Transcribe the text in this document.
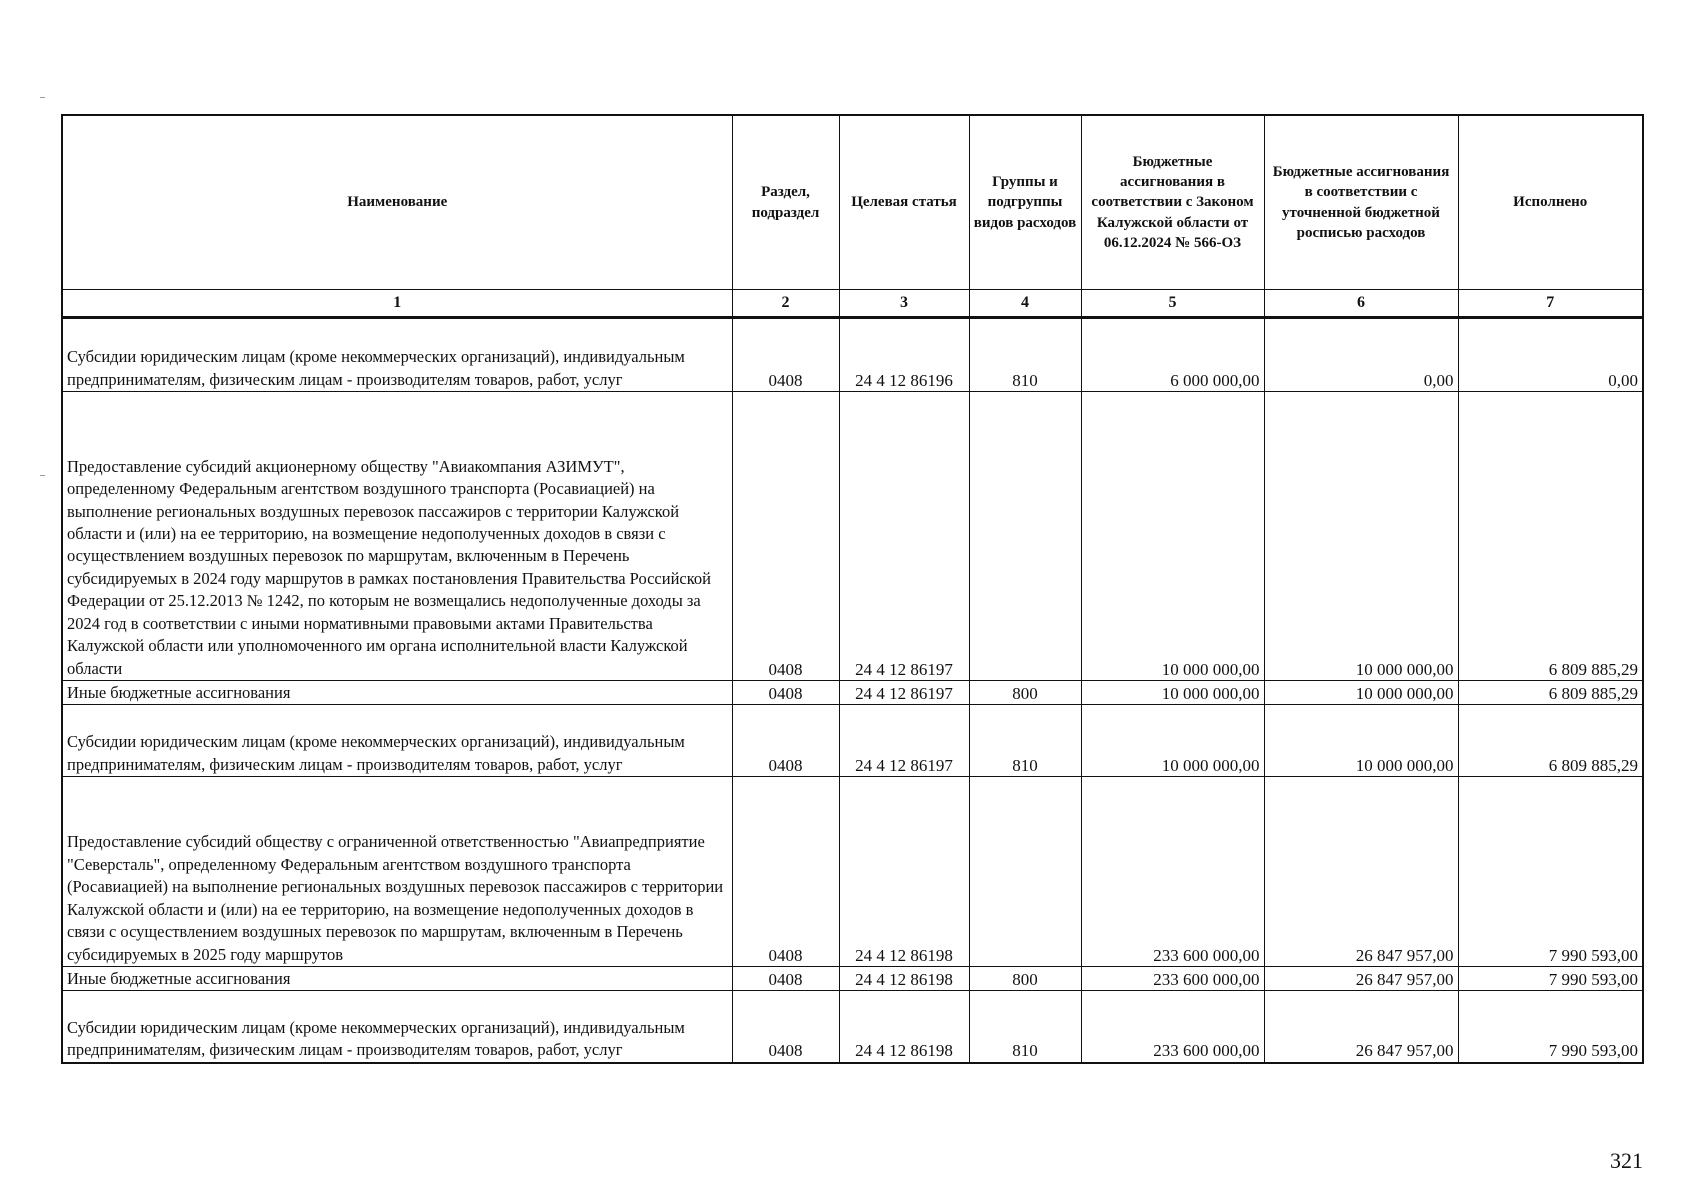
Наименование	Раздел, подраздел	Целевая статья	Группы и подгруппы видов расходов	Бюджетные ассигнования в соответствии с Законом Калужской области от 06.12.2024 № 566-ОЗ	Бюджетные ассигнования в соответствии с уточненной бюджетной росписью расходов	Исполнено
1	2	3	4	5	6	7
Субсидии юридическим лицам (кроме некоммерческих организаций), индивидуальным предпринимателям, физическим лицам - производителям товаров, работ, услуг	0408	24 4 12 86196	810	6 000 000,00	0,00	0,00
Предоставление субсидий акционерному обществу "Авиакомпания АЗИМУТ", определенному Федеральным агентством воздушного транспорта (Росавиацией) на выполнение региональных воздушных перевозок пассажиров с территории Калужской области и (или) на ее территорию, на возмещение недополученных доходов в связи с осуществлением воздушных перевозок по маршрутам, включенным в Перечень субсидируемых в 2024 году маршрутов в рамках постановления Правительства Российской Федерации от 25.12.2013 № 1242, по которым не возмещались недополученные доходы за 2024 год в соответствии с иными нормативными правовыми актами Правительства Калужской области или уполномоченного им органа исполнительной власти Калужской области	0408	24 4 12 86197		10 000 000,00	10 000 000,00	6 809 885,29
Иные бюджетные ассигнования	0408	24 4 12 86197	800	10 000 000,00	10 000 000,00	6 809 885,29
Субсидии юридическим лицам (кроме некоммерческих организаций), индивидуальным предпринимателям, физическим лицам - производителям товаров, работ, услуг	0408	24 4 12 86197	810	10 000 000,00	10 000 000,00	6 809 885,29
Предоставление субсидий обществу с ограниченной ответственностью "Авиапредприятие "Северсталь", определенному Федеральным агентством воздушного транспорта (Росавиацией) на выполнение региональных воздушных перевозок пассажиров с территории Калужской области и (или) на ее территорию, на возмещение недополученных доходов в связи с осуществлением воздушных перевозок по маршрутам, включенным в Перечень субсидируемых в 2025 году маршрутов	0408	24 4 12 86198		233 600 000,00	26 847 957,00	7 990 593,00
Иные бюджетные ассигнования	0408	24 4 12 86198	800	233 600 000,00	26 847 957,00	7 990 593,00
Субсидии юридическим лицам (кроме некоммерческих организаций), индивидуальным предпринимателям, физическим лицам - производителям товаров, работ, услуг	0408	24 4 12 86198	810	233 600 000,00	26 847 957,00	7 990 593,00
321
